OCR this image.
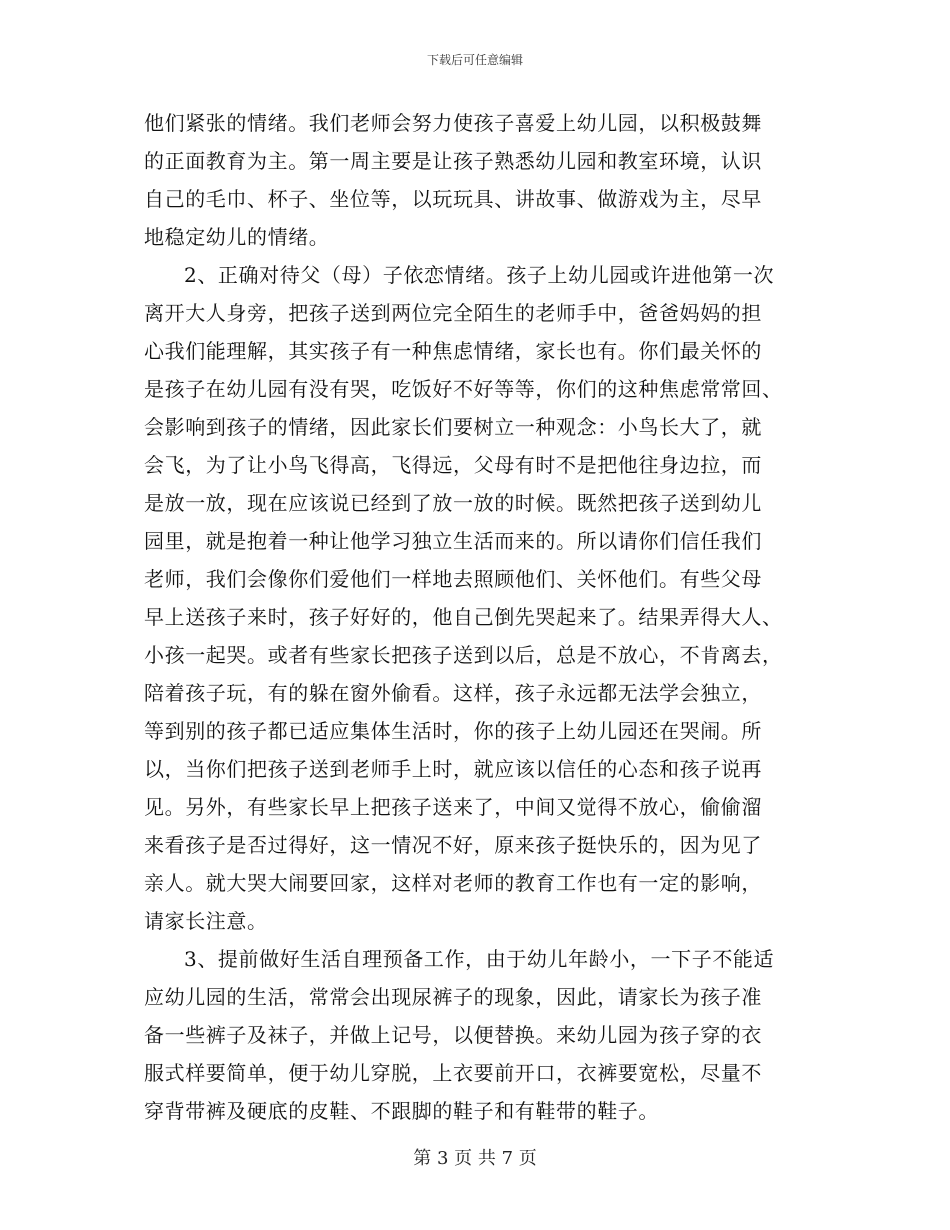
下载后可任意编辑
他们紧张的情绪。我们老师会努力使孩子喜爱上幼儿园，以积极鼓舞
的正面教育为主。第一周主要是让孩子熟悉幼儿园和教室环境，认识
自己的毛巾、杯子、坐位等，以玩玩具、讲故事、做游戏为主，尽早
地稳定幼儿的情绪。
2、正确对待父（母）子依恋情绪。孩子上幼儿园或许进他第一次
离开大人身旁，把孩子送到两位完全陌生的老师手中，爸爸妈妈的担
心我们能理解，其实孩子有一种焦虑情绪，家长也有。你们最关怀的
是孩子在幼儿园有没有哭，吃饭好不好等等，你们的这种焦虑常常回、
会影响到孩子的情绪，因此家长们要树立一种观念：小鸟长大了，就
会飞，为了让小鸟飞得高，飞得远，父母有时不是把他往身边拉，而
是放一放，现在应该说已经到了放一放的时候。既然把孩子送到幼儿
园里，就是抱着一种让他学习独立生活而来的。所以请你们信任我们
老师，我们会像你们爱他们一样地去照顾他们、关怀他们。有些父母
早上送孩子来时，孩子好好的，他自己倒先哭起来了。结果弄得大人、
小孩一起哭。或者有些家长把孩子送到以后，总是不放心，不肯离去，
陪着孩子玩，有的躲在窗外偷看。这样，孩子永远都无法学会独立，
等到别的孩子都已适应集体生活时，你的孩子上幼儿园还在哭闹。所
以，当你们把孩子送到老师手上时，就应该以信任的心态和孩子说再
见。另外，有些家长早上把孩子送来了，中间又觉得不放心，偷偷溜
来看孩子是否过得好，这一情况不好，原来孩子挺快乐的，因为见了
亲人。就大哭大闹要回家，这样对老师的教育工作也有一定的影响，
请家长注意。
3、提前做好生活自理预备工作，由于幼儿年龄小，一下子不能适
应幼儿园的生活，常常会出现尿裤子的现象，因此，请家长为孩子准
备一些裤子及袜子，并做上记号，以便替换。来幼儿园为孩子穿的衣
服式样要简单，便于幼儿穿脱，上衣要前开口，衣裤要宽松，尽量不
穿背带裤及硬底的皮鞋、不跟脚的鞋子和有鞋带的鞋子。
第 3 页 共 7 页
